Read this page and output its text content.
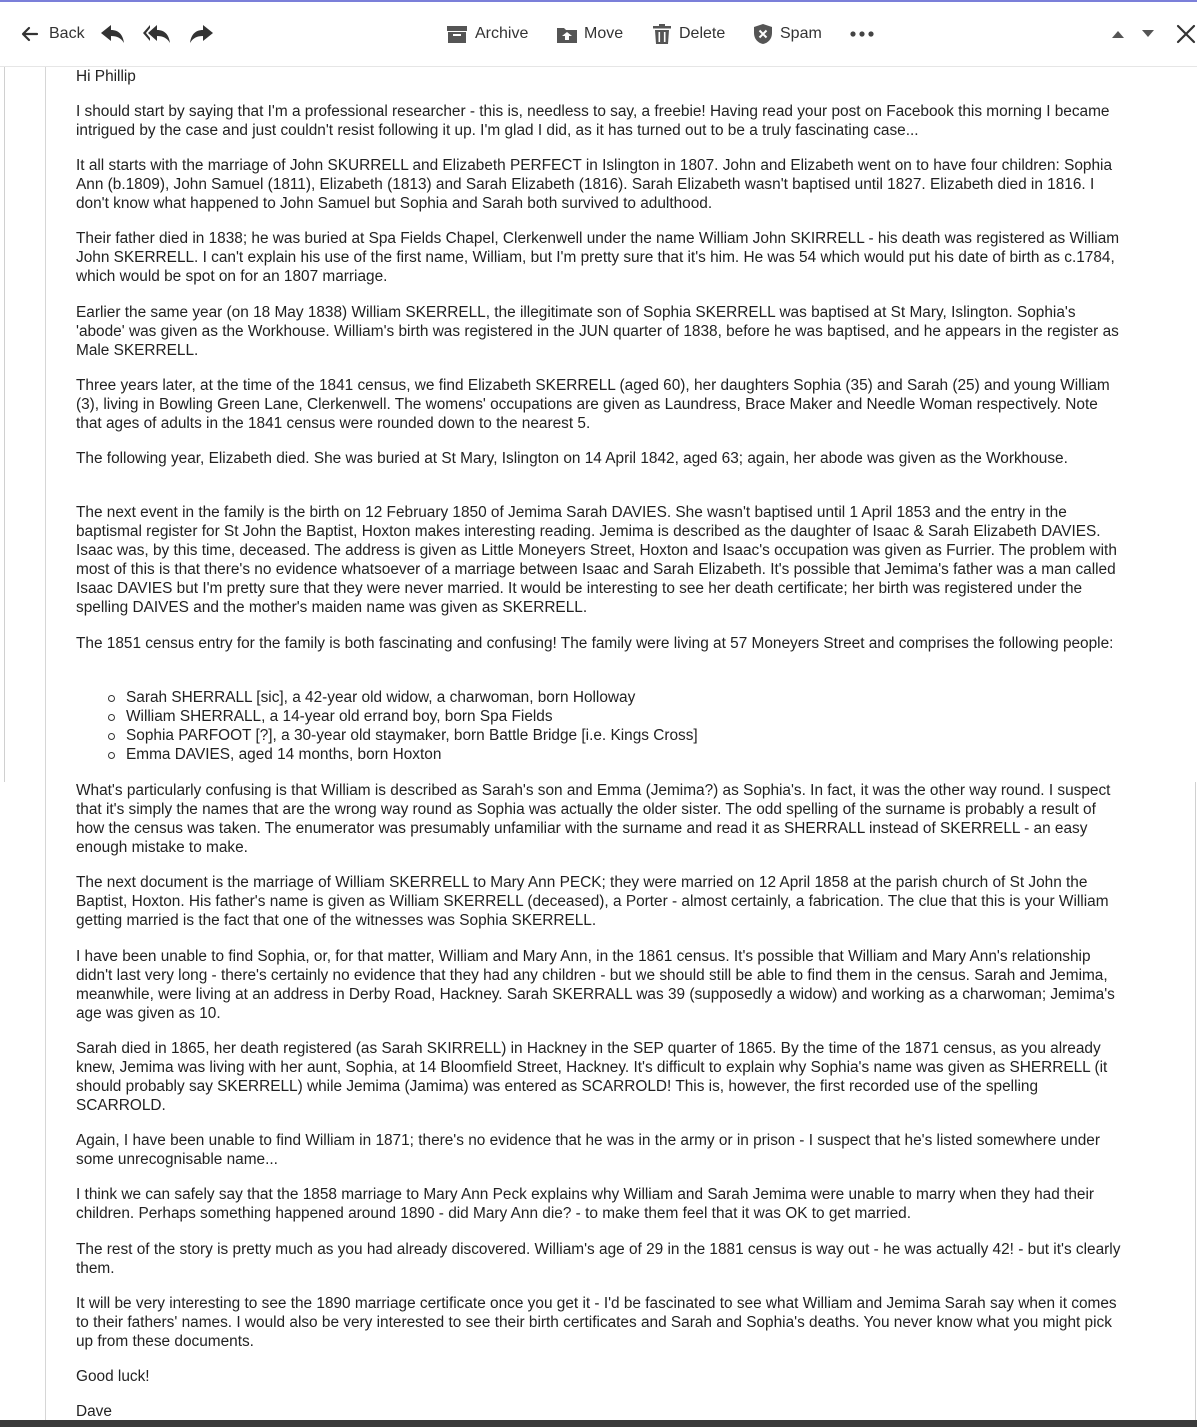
Back	Archive	Move	Delete	Spam

Hi Phillip

I should start by saying that I'm a professional researcher - this is, needless to say, a freebie! Having read your post on Facebook this morning I became intrigued by the case and just couldn't resist following it up. I'm glad I did, as it has turned out to be a truly fascinating case...

It all starts with the marriage of John SKURRELL and Elizabeth PERFECT in Islington in 1807. John and Elizabeth went on to have four children: Sophia Ann (b.1809), John Samuel (1811), Elizabeth (1813) and Sarah Elizabeth (1816). Sarah Elizabeth wasn't baptised until 1827. Elizabeth died in 1816. I don't know what happened to John Samuel but Sophia and Sarah both survived to adulthood.

Their father died in 1838; he was buried at Spa Fields Chapel, Clerkenwell under the name William John SKIRRELL - his death was registered as William John SKERRELL. I can't explain his use of the first name, William, but I'm pretty sure that it's him. He was 54 which would put his date of birth as c.1784, which would be spot on for an 1807 marriage.

Earlier the same year (on 18 May 1838) William SKERRELL, the illegitimate son of Sophia SKERRELL was baptised at St Mary, Islington. Sophia's 'abode' was given as the Workhouse. William's birth was registered in the JUN quarter of 1838, before he was baptised, and he appears in the register as Male SKERRELL.

Three years later, at the time of the 1841 census, we find Elizabeth SKERRELL (aged 60), her daughters Sophia (35) and Sarah (25) and young William (3), living in Bowling Green Lane, Clerkenwell. The womens' occupations are given as Laundress, Brace Maker and Needle Woman respectively. Note that ages of adults in the 1841 census were rounded down to the nearest 5.

The following year, Elizabeth died. She was buried at St Mary, Islington on 14 April 1842, aged 63; again, her abode was given as the Workhouse.

The next event in the family is the birth on 12 February 1850 of Jemima Sarah DAVIES. She wasn't baptised until 1 April 1853 and the entry in the baptismal register for St John the Baptist, Hoxton makes interesting reading. Jemima is described as the daughter of Isaac & Sarah Elizabeth DAVIES. Isaac was, by this time, deceased. The address is given as Little Moneyers Street, Hoxton and Isaac's occupation was given as Furrier. The problem with most of this is that there's no evidence whatsoever of a marriage between Isaac and Sarah Elizabeth. It's possible that Jemima's father was a man called Isaac DAVIES but I'm pretty sure that they were never married. It would be interesting to see her death certificate; her birth was registered under the spelling DAIVES and the mother's maiden name was given as SKERRELL.

The 1851 census entry for the family is both fascinating and confusing! The family were living at 57 Moneyers Street and comprises the following people:

Sarah SHERRALL [sic], a 42-year old widow, a charwoman, born Holloway
William SHERRALL, a 14-year old errand boy, born Spa Fields
Sophia PARFOOT [?], a 30-year old staymaker, born Battle Bridge [i.e. Kings Cross]
Emma DAVIES, aged 14 months, born Hoxton

What's particularly confusing is that William is described as Sarah's son and Emma (Jemima?) as Sophia's. In fact, it was the other way round. I suspect that it's simply the names that are the wrong way round as Sophia was actually the older sister. The odd spelling of the surname is probably a result of how the census was taken. The enumerator was presumably unfamiliar with the surname and read it as SHERRALL instead of SKERRELL - an easy enough mistake to make.

The next document is the marriage of William SKERRELL to Mary Ann PECK; they were married on 12 April 1858 at the parish church of St John the Baptist, Hoxton. His father's name is given as William SKERRELL (deceased), a Porter - almost certainly, a fabrication. The clue that this is your William getting married is the fact that one of the witnesses was Sophia SKERRELL.

I have been unable to find Sophia, or, for that matter, William and Mary Ann, in the 1861 census. It's possible that William and Mary Ann's relationship didn't last very long - there's certainly no evidence that they had any children - but we should still be able to find them in the census. Sarah and Jemima, meanwhile, were living at an address in Derby Road, Hackney. Sarah SKERRALL was 39 (supposedly a widow) and working as a charwoman; Jemima's age was given as 10.

Sarah died in 1865, her death registered (as Sarah SKIRRELL) in Hackney in the SEP quarter of 1865. By the time of the 1871 census, as you already knew, Jemima was living with her aunt, Sophia, at 14 Bloomfield Street, Hackney. It's difficult to explain why Sophia's name was given as SHERRELL (it should probably say SKERRELL) while Jemima (Jamima) was entered as SCARROLD! This is, however, the first recorded use of the spelling SCARROLD.

Again, I have been unable to find William in 1871; there's no evidence that he was in the army or in prison - I suspect that he's listed somewhere under some unrecognisable name...

I think we can safely say that the 1858 marriage to Mary Ann Peck explains why William and Sarah Jemima were unable to marry when they had their children. Perhaps something happened around 1890 - did Mary Ann die? - to make them feel that it was OK to get married.

The rest of the story is pretty much as you had already discovered. William's age of 29 in the 1881 census is way out - he was actually 42! - but it's clearly them.

It will be very interesting to see the 1890 marriage certificate once you get it - I'd be fascinated to see what William and Jemima Sarah say when it comes to their fathers' names. I would also be very interested to see their birth certificates and Sarah and Sophia's deaths. You never know what you might pick up from these documents.

Good luck!

Dave
